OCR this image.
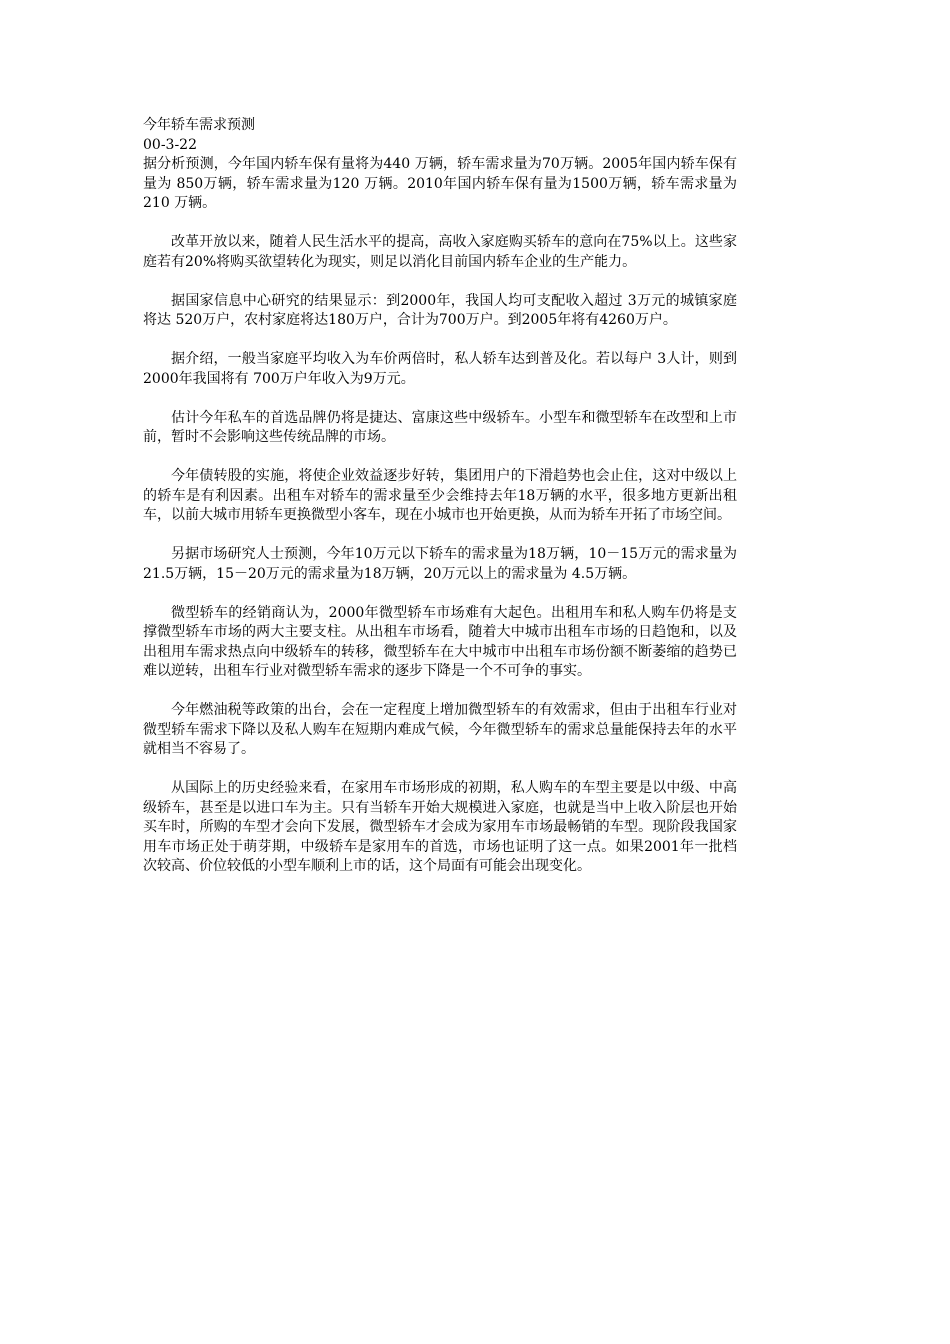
今年轿车需求预测

00-3-22

据分析预测，今年国内轿车保有量将为440 万辆，轿车需求量为70万辆。2005年国内轿车保有量为 850万辆，轿车需求量为120 万辆。2010年国内轿车保有量为1500万辆，轿车需求量为210 万辆。

改革开放以来，随着人民生活水平的提高，高收入家庭购买轿车的意向在75%以上。这些家庭若有20%将购买欲望转化为现实，则足以消化目前国内轿车企业的生产能力。

据国家信息中心研究的结果显示：到2000年，我国人均可支配收入超过 3万元的城镇家庭将达 520万户，农村家庭将达180万户，合计为700万户。到2005年将有4260万户。

据介绍，一般当家庭平均收入为车价两倍时，私人轿车达到普及化。若以每户 3人计，则到2000年我国将有 700万户年收入为9万元。

估计今年私车的首选品牌仍将是捷达、富康这些中级轿车。小型车和微型轿车在改型和上市前，暂时不会影响这些传统品牌的市场。

今年债转股的实施，将使企业效益逐步好转，集团用户的下滑趋势也会止住，这对中级以上的轿车是有利因素。出租车对轿车的需求量至少会维持去年18万辆的水平，很多地方更新出租车，以前大城市用轿车更换微型小客车，现在小城市也开始更换，从而为轿车开拓了市场空间。

另据市场研究人士预测，今年10万元以下轿车的需求量为18万辆，10－15万元的需求量为21.5万辆，15－20万元的需求量为18万辆，20万元以上的需求量为 4.5万辆。

微型轿车的经销商认为，2000年微型轿车市场难有大起色。出租用车和私人购车仍将是支撑微型轿车市场的两大主要支柱。从出租车市场看，随着大中城市出租车市场的日趋饱和，以及出租用车需求热点向中级轿车的转移，微型轿车在大中城市中出租车市场份额不断萎缩的趋势已难以逆转，出租车行业对微型轿车需求的逐步下降是一个不可争的事实。

今年燃油税等政策的出台，会在一定程度上增加微型轿车的有效需求，但由于出租车行业对微型轿车需求下降以及私人购车在短期内难成气候，今年微型轿车的需求总量能保持去年的水平就相当不容易了。

从国际上的历史经验来看，在家用车市场形成的初期，私人购车的车型主要是以中级、中高级轿车，甚至是以进口车为主。只有当轿车开始大规模进入家庭，也就是当中上收入阶层也开始买车时，所购的车型才会向下发展，微型轿车才会成为家用车市场最畅销的车型。现阶段我国家用车市场正处于萌芽期，中级轿车是家用车的首选，市场也证明了这一点。如果2001年一批档次较高、价位较低的小型车顺利上市的话，这个局面有可能会出现变化。
